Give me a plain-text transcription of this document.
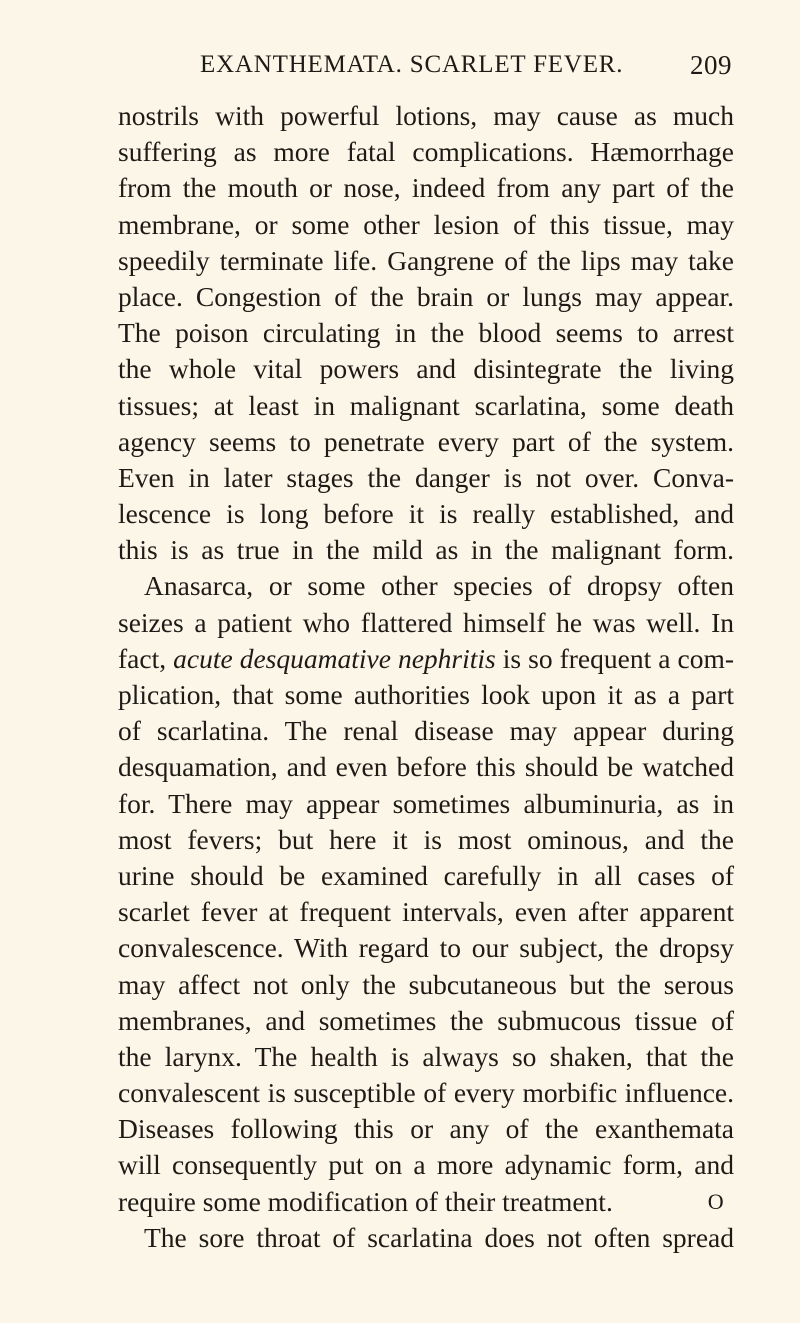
EXANTHEMATA. SCARLET FEVER. 209
nostrils with powerful lotions, may cause as much
suffering as more fatal complications. Hæmorrhage
from the mouth or nose, indeed from any part of the
membrane, or some other lesion of this tissue, may
speedily terminate life. Gangrene of the lips may take
place. Congestion of the brain or lungs may appear.
The poison circulating in the blood seems to arrest
the whole vital powers and disintegrate the living
tissues; at least in malignant scarlatina, some death
agency seems to penetrate every part of the system.
Even in later stages the danger is not over. Conva-
lescence is long before it is really established, and
this is as true in the mild as in the malignant form.
Anasarca, or some other species of dropsy often
seizes a patient who flattered himself he was well. In
fact, acute desquamative nephritis is so frequent a com-
plication, that some authorities look upon it as a part
of scarlatina. The renal disease may appear during
desquamation, and even before this should be watched
for. There may appear sometimes albuminuria, as in
most fevers; but here it is most ominous, and the
urine should be examined carefully in all cases of
scarlet fever at frequent intervals, even after apparent
convalescence. With regard to our subject, the dropsy
may affect not only the subcutaneous but the serous
membranes, and sometimes the submucous tissue of
the larynx. The health is always so shaken, that the
convalescent is susceptible of every morbific influence.
Diseases following this or any of the exanthemata
will consequently put on a more adynamic form, and
require some modification of their treatment.
The sore throat of scarlatina does not often spread
O
